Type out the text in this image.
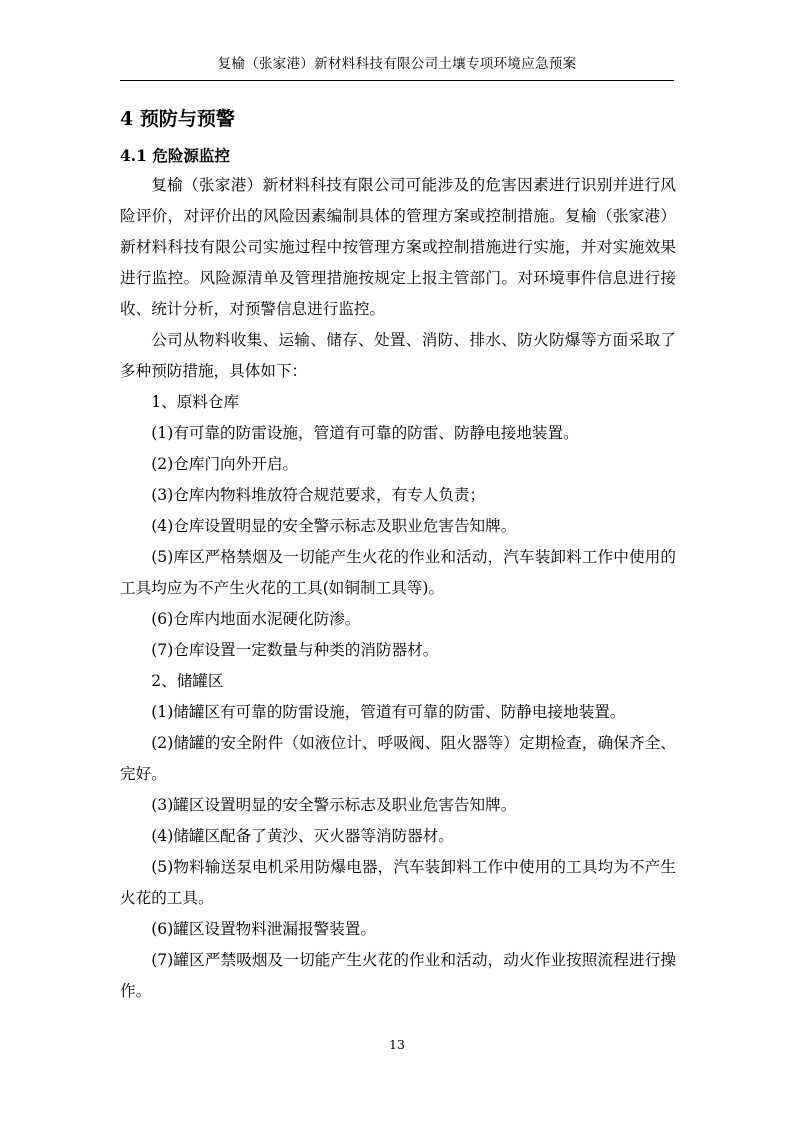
复榆（张家港）新材料科技有限公司土壤专项环境应急预案
4 预防与预警
4.1 危险源监控

复榆（张家港）新材料科技有限公司可能涉及的危害因素进行识别并进行风险评价，对评价出的风险因素编制具体的管理方案或控制措施。复榆（张家港）新材料科技有限公司实施过程中按管理方案或控制措施进行实施，并对实施效果进行监控。风险源清单及管理措施按规定上报主管部门。对环境事件信息进行接收、统计分析，对预警信息进行监控。

公司从物料收集、运输、储存、处置、消防、排水、防火防爆等方面采取了多种预防措施，具体如下：

1、原料仓库

(1)有可靠的防雷设施，管道有可靠的防雷、防静电接地装置。

(2)仓库门向外开启。

(3)仓库内物料堆放符合规范要求，有专人负责；

(4)仓库设置明显的安全警示标志及职业危害告知牌。

(5)库区严格禁烟及一切能产生火花的作业和活动，汽车装卸料工作中使用的工具均应为不产生火花的工具(如铜制工具等)。

(6)仓库内地面水泥硬化防渗。

(7)仓库设置一定数量与种类的消防器材。

2、储罐区

(1)储罐区有可靠的防雷设施，管道有可靠的防雷、防静电接地装置。

(2)储罐的安全附件（如液位计、呼吸阀、阻火器等）定期检查，确保齐全、完好。

(3)罐区设置明显的安全警示标志及职业危害告知牌。

(4)储罐区配备了黄沙、灭火器等消防器材。

(5)物料输送泵电机采用防爆电器，汽车装卸料工作中使用的工具均为不产生火花的工具。

(6)罐区设置物料泄漏报警装置。

(7)罐区严禁吸烟及一切能产生火花的作业和活动，动火作业按照流程进行操作。

13
